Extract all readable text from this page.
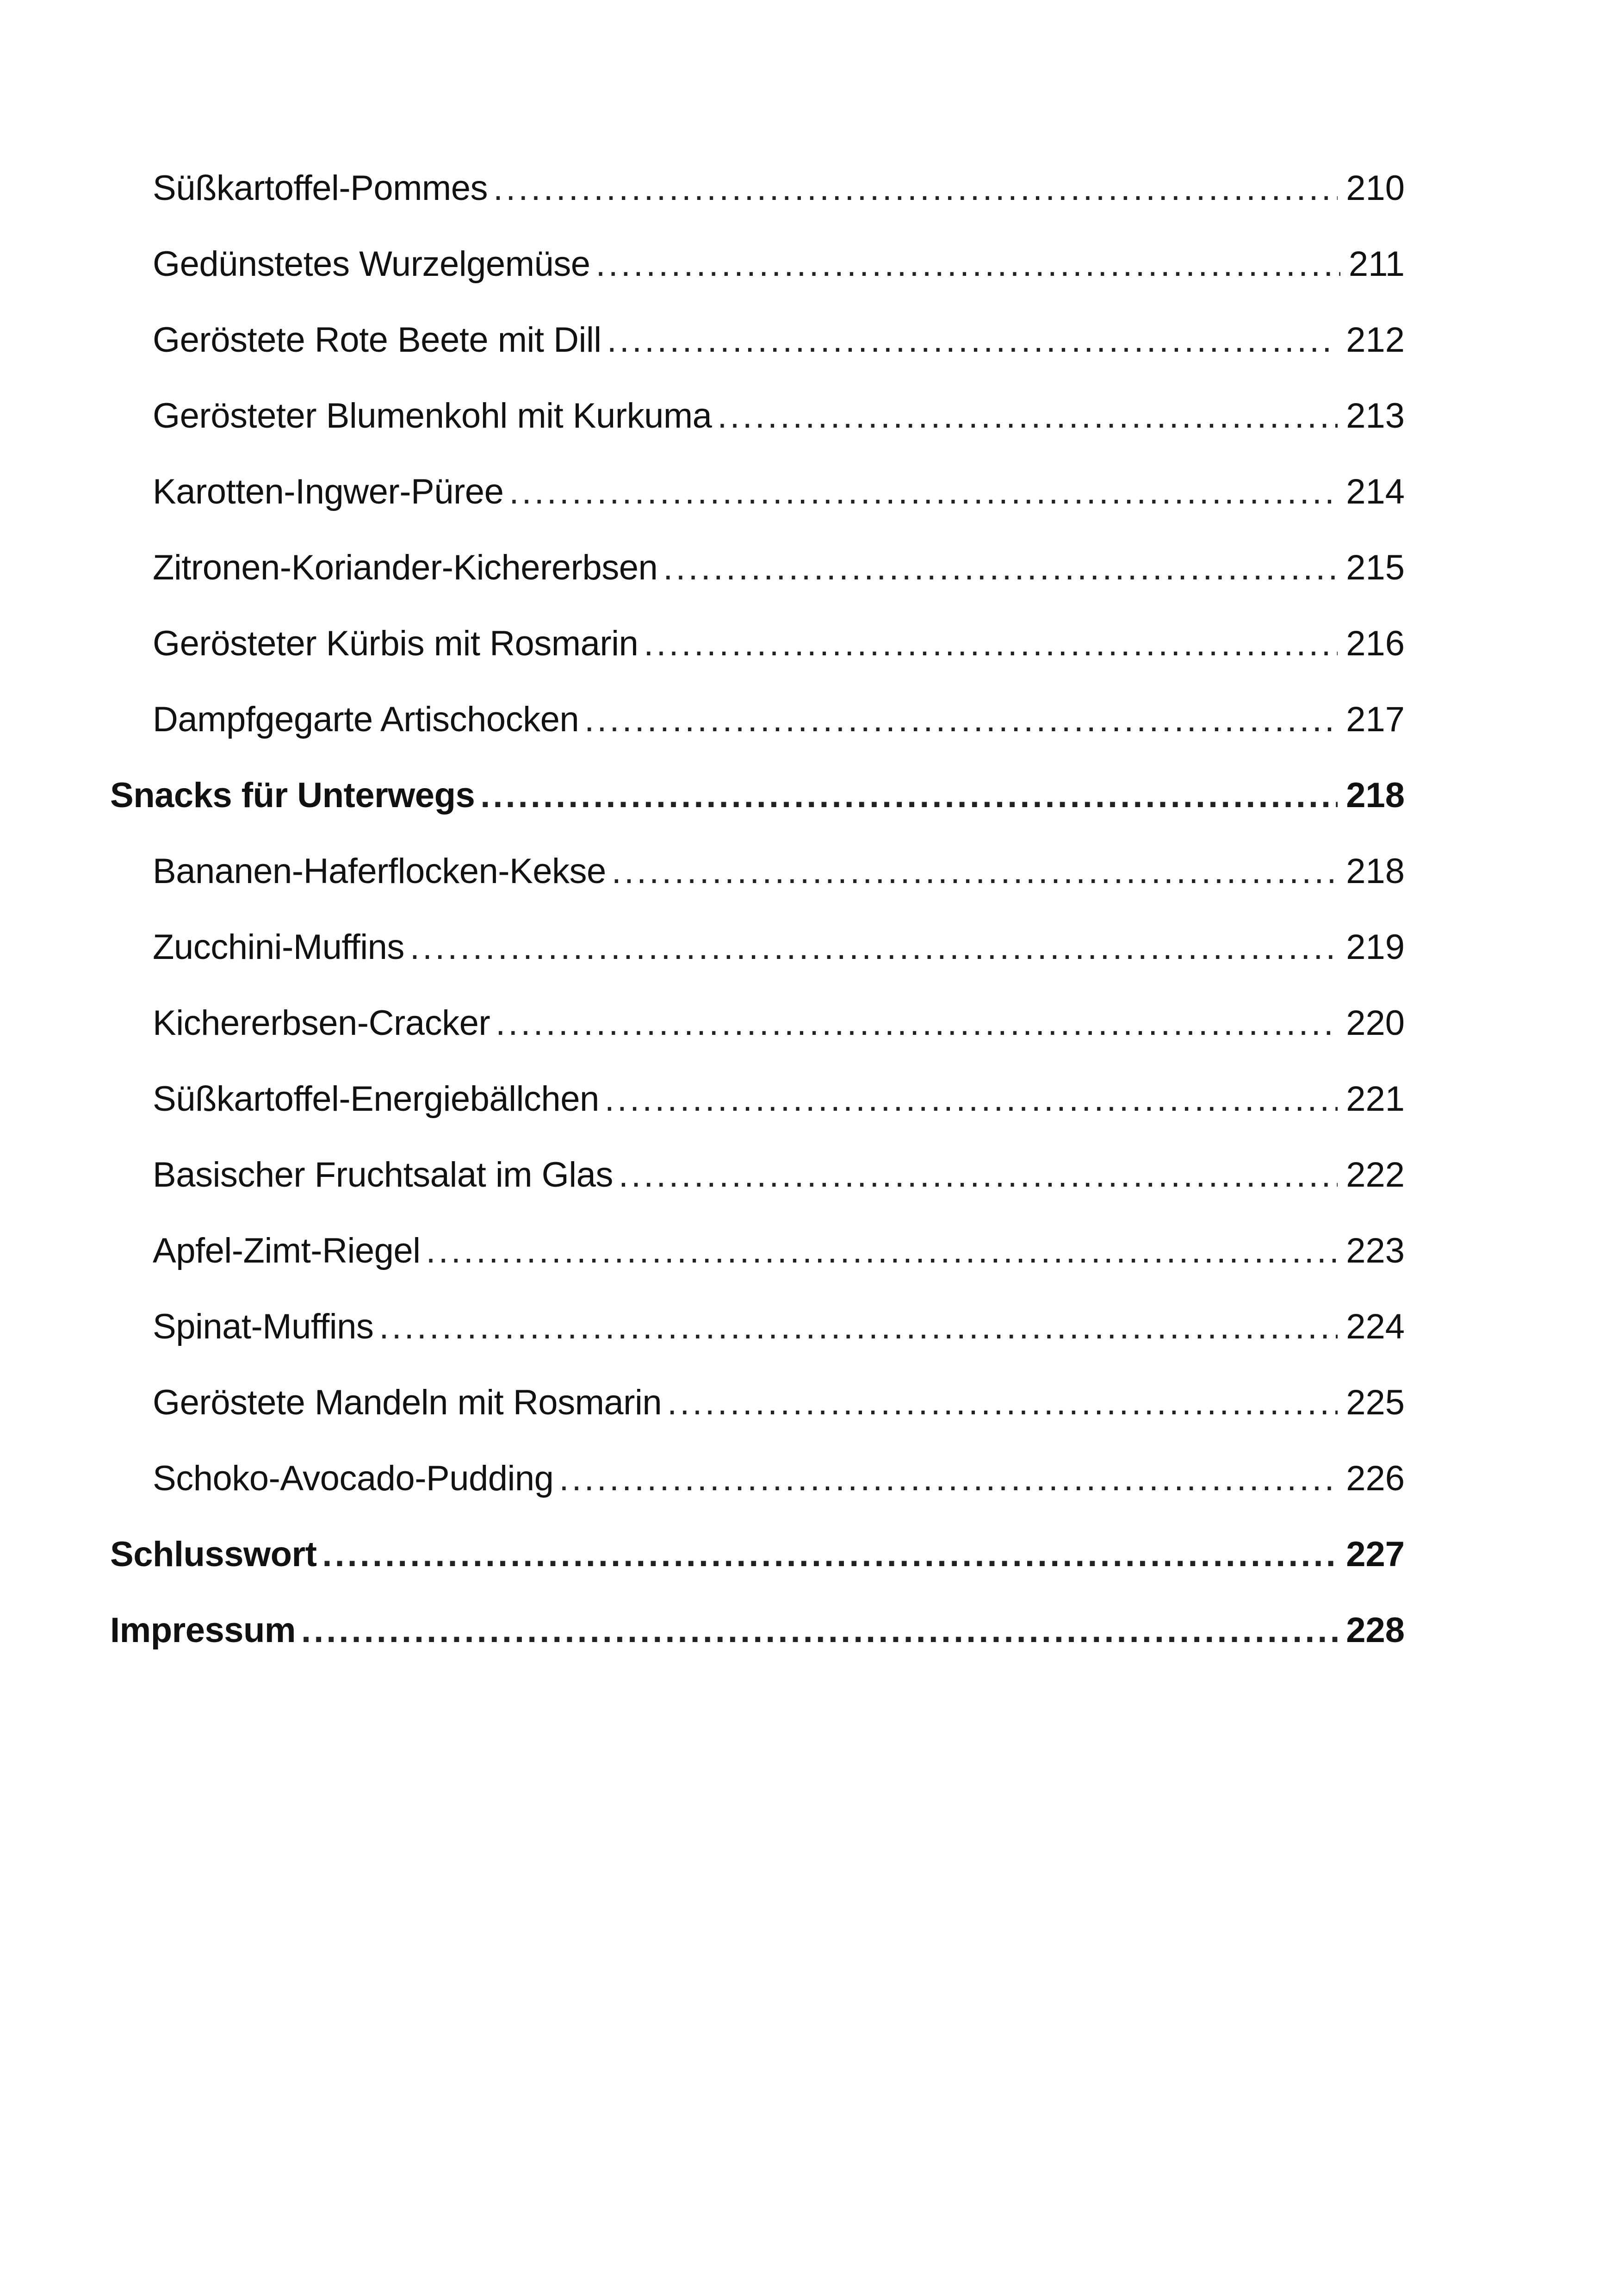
Süßkartoffel-Pommes .....	210
Gedünstetes Wurzelgemüse .....	211
Geröstete Rote Beete mit Dill .....	212
Gerösteter Blumenkohl mit Kurkuma .....	213
Karotten-Ingwer-Püree .....	214
Zitronen-Koriander-Kichererbsen .....	215
Gerösteter Kürbis mit Rosmarin .....	216
Dampfgegarte Artischocken .....	217
Snacks für Unterwegs .....	218
Bananen-Haferflocken-Kekse .....	218
Zucchini-Muffins .....	219
Kichererbsen-Cracker .....	220
Süßkartoffel-Energiebällchen .....	221
Basischer Fruchtsalat im Glas .....	222
Apfel-Zimt-Riegel .....	223
Spinat-Muffins .....	224
Geröstete Mandeln mit Rosmarin .....	225
Schoko-Avocado-Pudding .....	226
Schlusswort .....	227
Impressum .....	228
